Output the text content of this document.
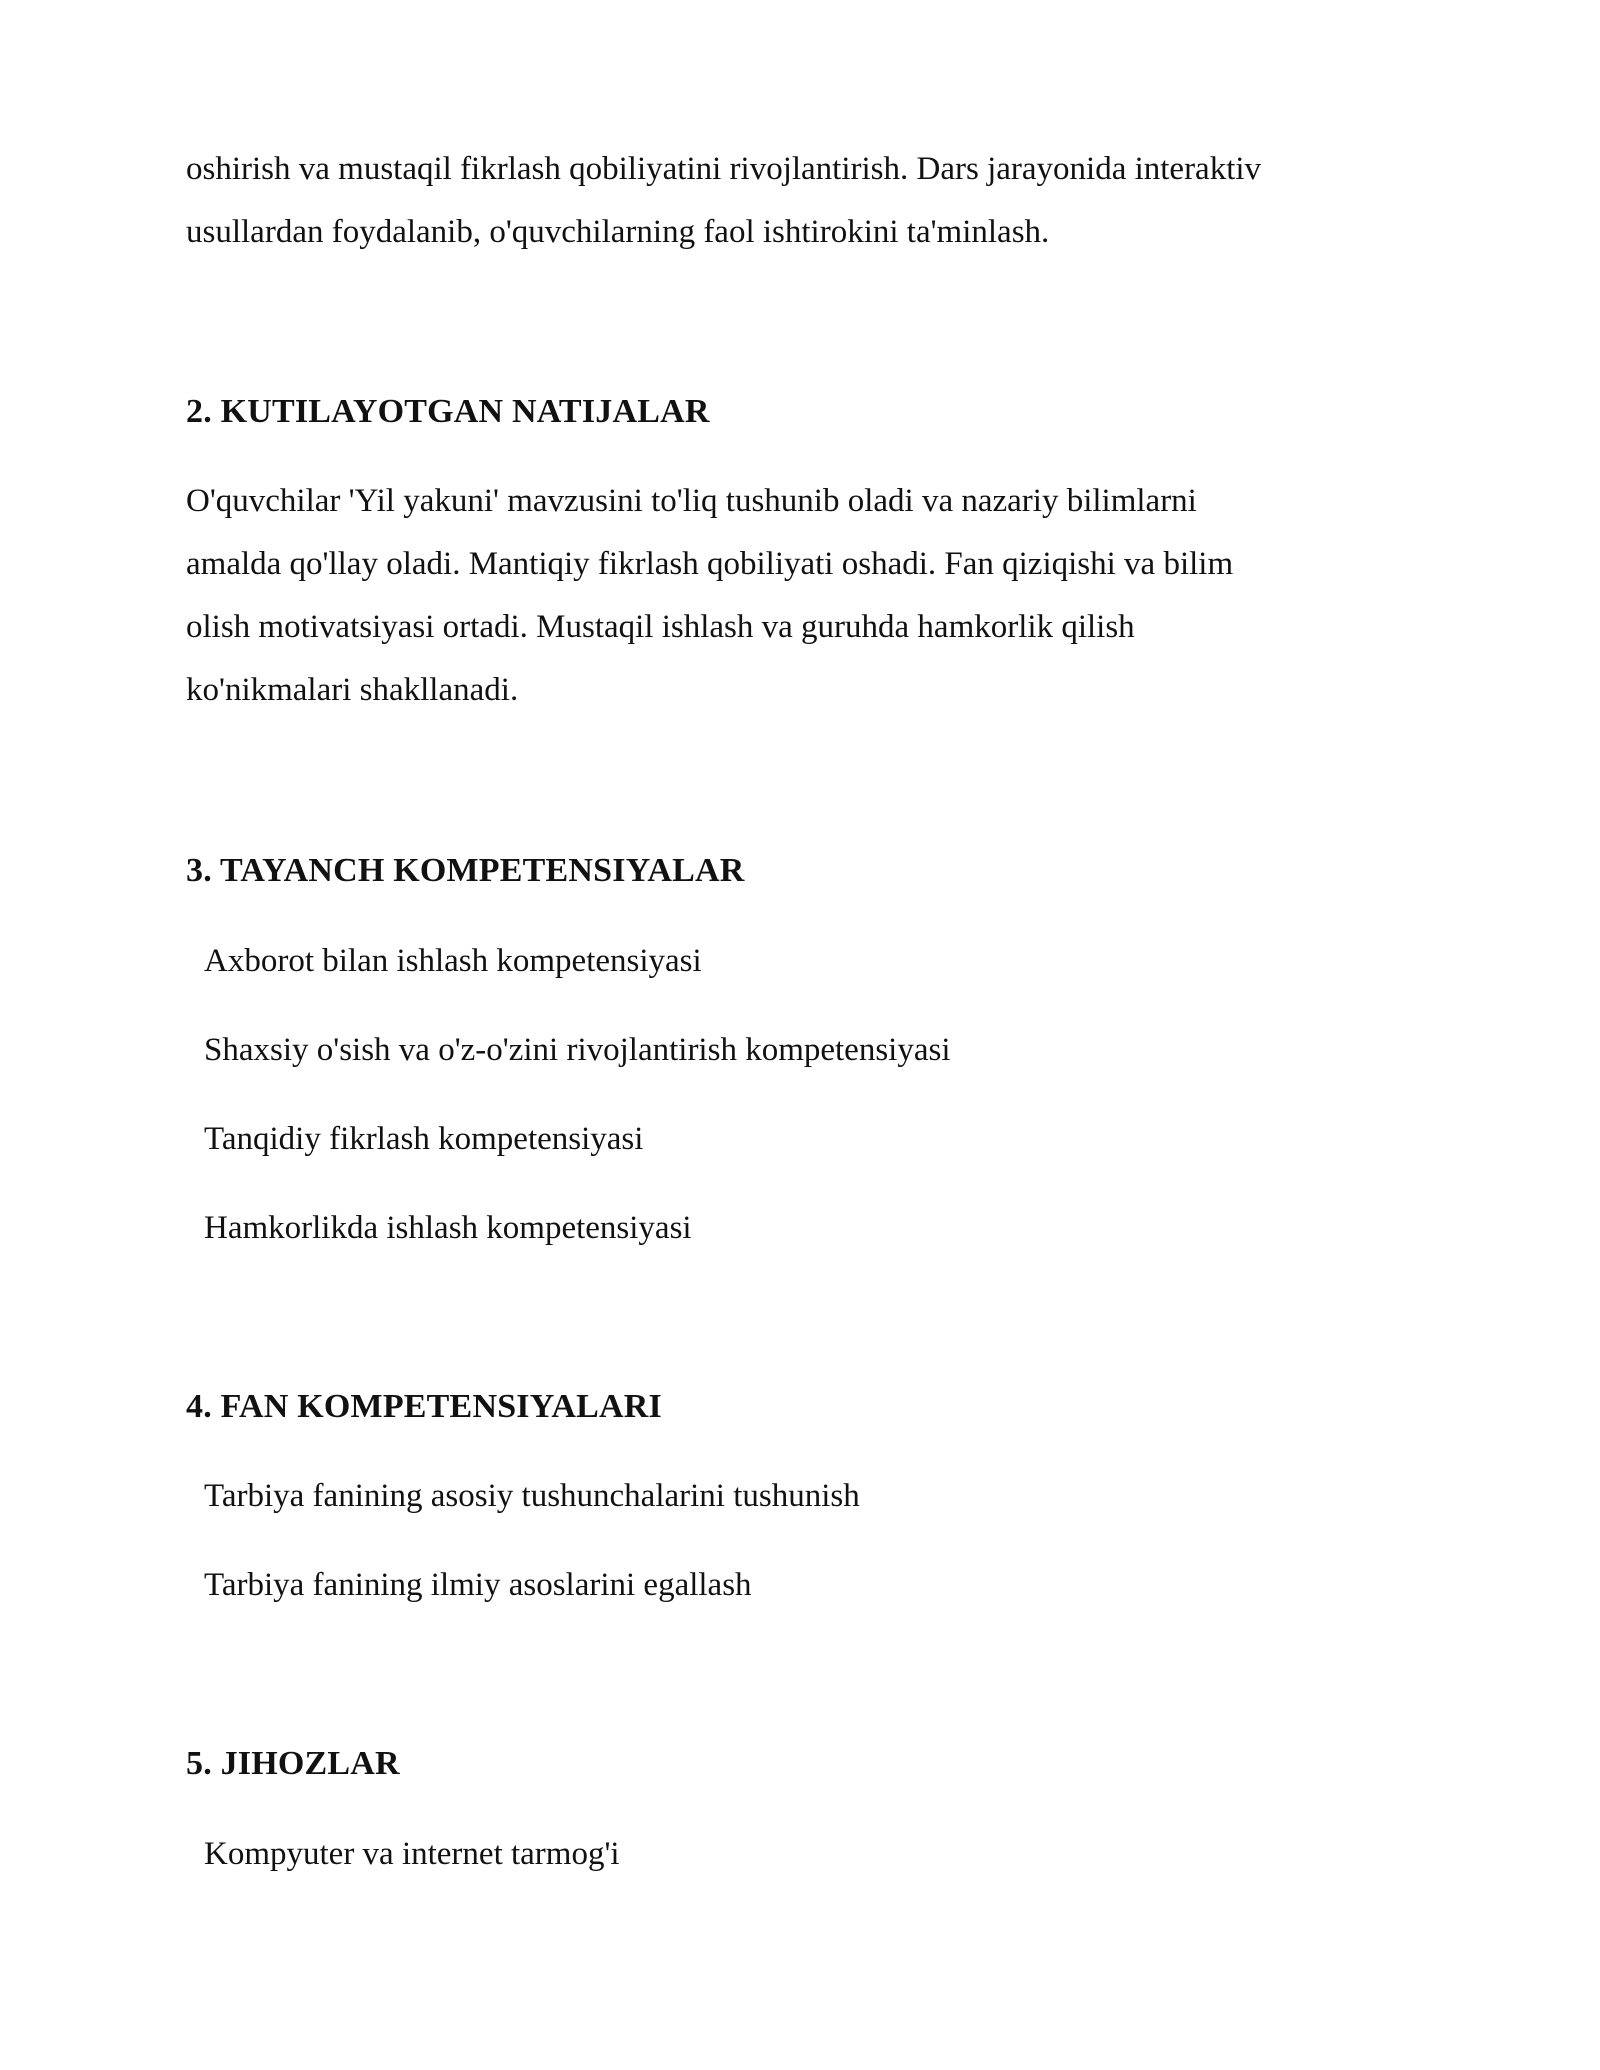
oshirish va mustaqil fikrlash qobiliyatini rivojlantirish. Dars jarayonida interaktiv

usullardan foydalanib, o'quvchilarning faol ishtirokini ta'minlash.

2. KUTILAYOTGAN NATIJALAR

O'quvchilar 'Yil yakuni' mavzusini to'liq tushunib oladi va nazariy bilimlarni

amalda qo'llay oladi. Mantiqiy fikrlash qobiliyati oshadi. Fan qiziqishi va bilim

olish motivatsiyasi ortadi. Mustaqil ishlash va guruhda hamkorlik qilish

ko'nikmalari shakllanadi.

3. TAYANCH KOMPETENSIYALAR

Axborot bilan ishlash kompetensiyasi

Shaxsiy o'sish va o'z-o'zini rivojlantirish kompetensiyasi

Tanqidiy fikrlash kompetensiyasi

Hamkorlikda ishlash kompetensiyasi

4. FAN KOMPETENSIYALARI

Tarbiya fanining asosiy tushunchalarini tushunish

Tarbiya fanining ilmiy asoslarini egallash

5. JIHOZLAR

Kompyuter va internet tarmog'i
